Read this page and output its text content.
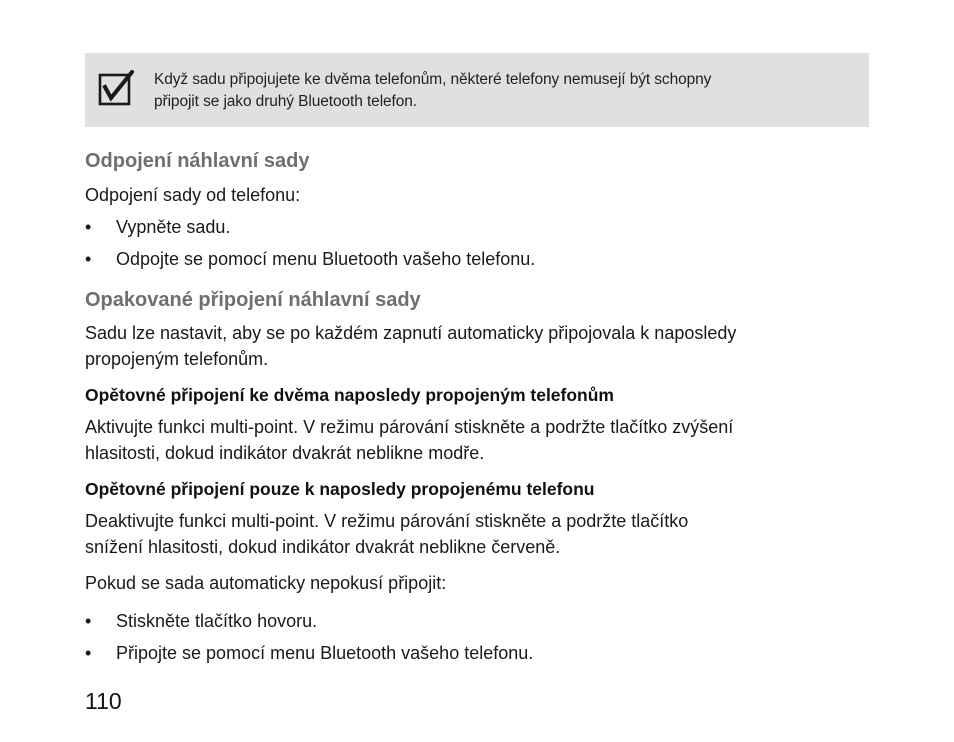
Když sadu připojujete ke dvěma telefonům, některé telefony nemusejí být schopny
připojit se jako druhý Bluetooth telefon.
Odpojení náhlavní sady

Odpojení sady od telefonu:

• Vypněte sadu.
• Odpojte se pomocí menu Bluetooth vašeho telefonu.
Opakované připojení náhlavní sady

Sadu lze nastavit, aby se po každém zapnutí automaticky připojovala k naposledy
propojeným telefonům.

Opětovné připojení ke dvěma naposledy propojeným telefonům

Aktivujte funkci multi-point. V režimu párování stiskněte a podržte tlačítko zvýšení
hlasitosti, dokud indikátor dvakrát neblikne modře.

Opětovné připojení pouze k naposledy propojenému telefonu

Deaktivujte funkci multi-point. V režimu párování stiskněte a podržte tlačítko
snížení hlasitosti, dokud indikátor dvakrát neblikne červeně.

Pokud se sada automaticky nepokusí připojit:

• Stiskněte tlačítko hovoru.
• Připojte se pomocí menu Bluetooth vašeho telefonu.
110
